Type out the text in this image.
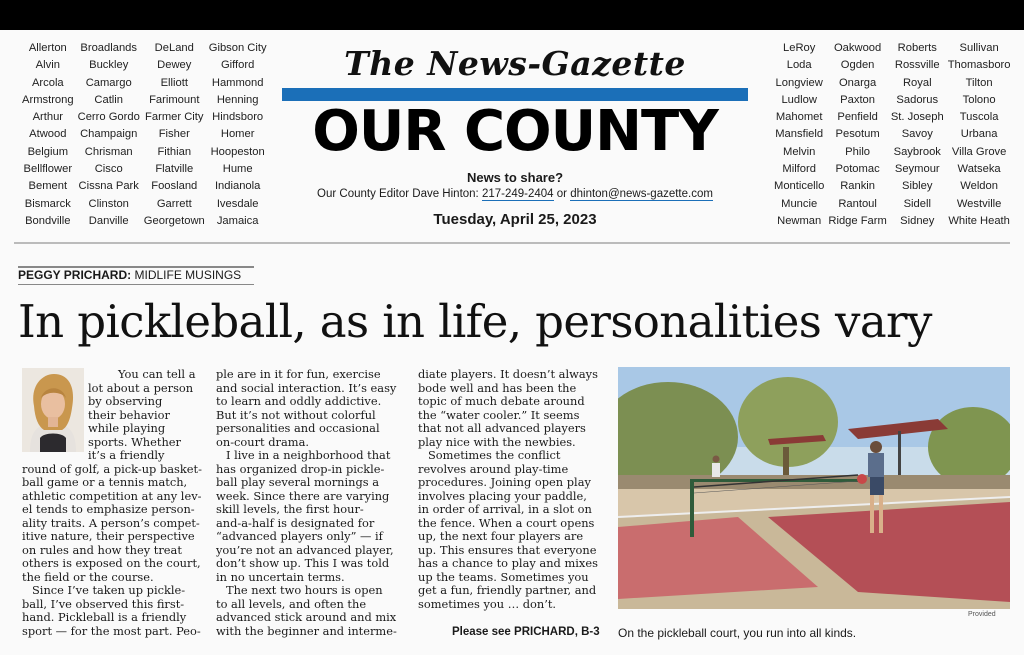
Allerton
Alvin
Arcola
Armstrong
Arthur
Atwood
Belgium
Bellflower
Bement
Bismarck
Bondville
Broadlands
Buckley
Camargo
Catlin
Cerro Gordo
Champaign
Chrisman
Cisco
Cissna Park
Clinston
Danville
DeLand
Dewey
Elliott
Farimount
Farmer City
Fisher
Fithian
Flatville
Foosland
Garrett
Georgetown
Gibson City
Gifford
Hammond
Henning
Hindsboro
Homer
Hoopeston
Hume
Indianola
Ivesdale
Jamaica
LeRoy
Loda
Longview
Ludlow
Mahomet
Mansfield
Melvin
Milford
Monticello
Muncie
Newman
Oakwood
Ogden
Onarga
Paxton
Penfield
Pesotum
Philo
Potomac
Rankin
Rantoul
Ridge Farm
Roberts
Rossville
Royal
Sadorus
St. Joseph
Savoy
Saybrook
Seymour
Sibley
Sidell
Sidney
Sullivan
Thomasboro
Tilton
Tolono
Tuscola
Urbana
Villa Grove
Watseka
Weldon
Westville
White Heath
The News-Gazette
OUR COUNTY
News to share?
Our County Editor Dave Hinton: 217-249-2404 or dhinton@news-gazette.com
Tuesday, April 25, 2023
PEGGY PRICHARD: MIDLIFE MUSINGS
In pickleball, as in life, personalities vary
You can tell a
lot about a person
by observing
their behavior
while playing
sports. Whether
it’s a friendly
round of golf, a pick-up basket-
ball game or a tennis match,
athletic competition at any lev-
el tends to emphasize person-
ality traits. A person’s compet-
itive nature, their perspective
on rules and how they treat
others is exposed on the court,
the field or the course.
Since I’ve taken up pickle-
ball, I’ve observed this first-
hand. Pickleball is a friendly
sport — for the most part. Peo-
ple are in it for fun, exercise
and social interaction. It’s easy
to learn and oddly addictive.
But it’s not without colorful
personalities and occasional
on-court drama.
I live in a neighborhood that
has organized drop-in pickle-
ball play several mornings a
week. Since there are varying
skill levels, the first hour-
and-a-half is designated for
“advanced players only” — if
you’re not an advanced player,
don’t show up. This I was told
in no uncertain terms.
The next two hours is open
to all levels, and often the
advanced stick around and mix
with the beginner and interme-
diate players. It doesn’t always
bode well and has been the
topic of much debate around
the “water cooler.” It seems
that not all advanced players
play nice with the newbies.
Sometimes the conflict
revolves around play-time
procedures. Joining open play
involves placing your paddle,
in order of arrival, in a slot on
the fence. When a court opens
up, the next four players are
up. This ensures that everyone
has a chance to play and mixes
up the teams. Sometimes you
get a fun, friendly partner, and
sometimes you … don’t.
Please see PRICHARD, B-3
Provided
On the pickleball court, you run into all kinds.
